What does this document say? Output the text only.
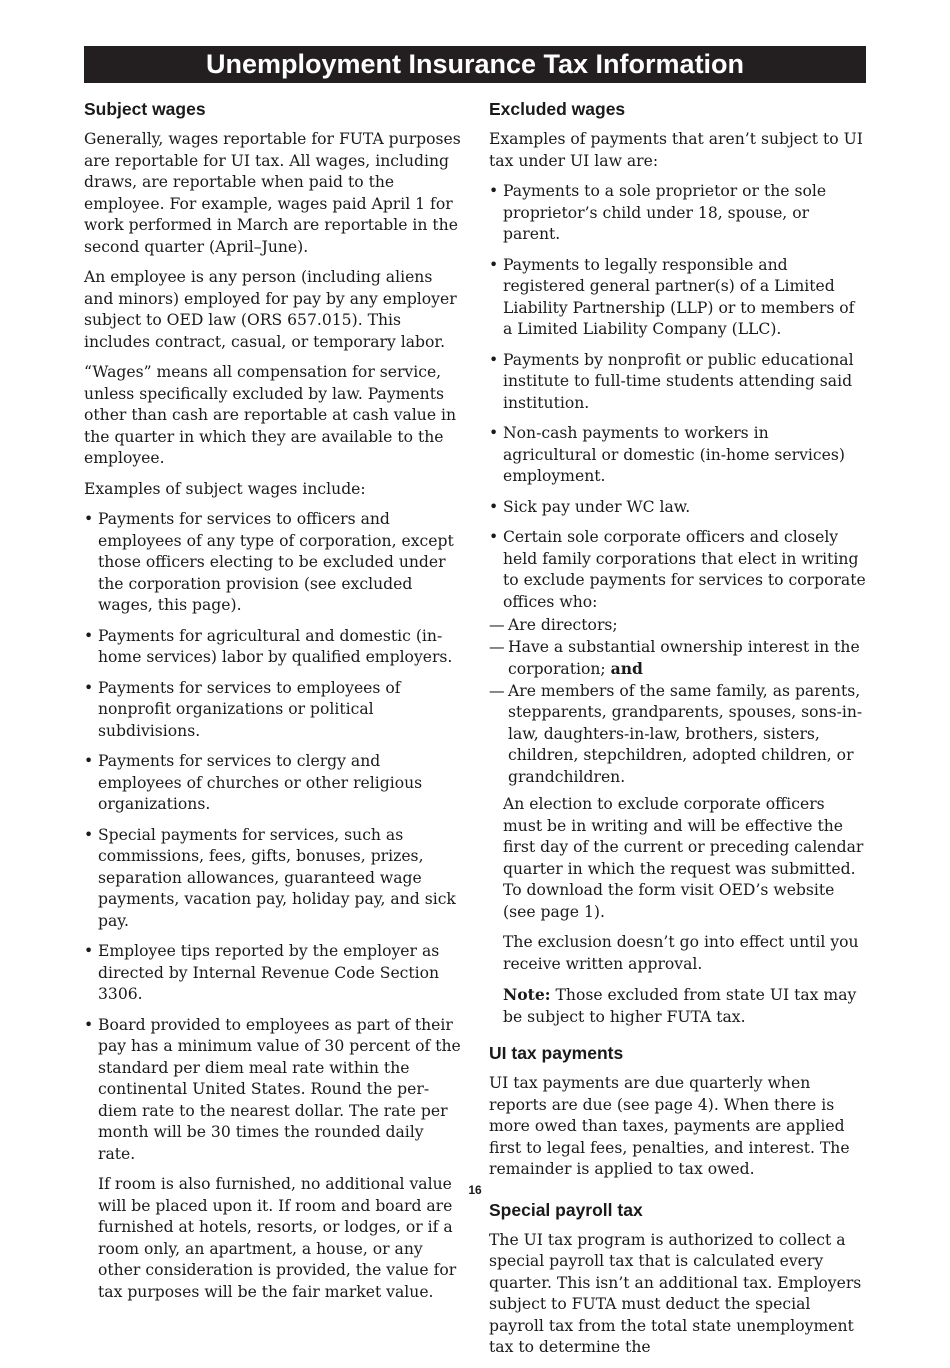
Unemployment Insurance Tax Information
Subject wages

Generally, wages reportable for FUTA purposes are reportable for UI tax. All wages, including draws, are reportable when paid to the employee. For example, wages paid April 1 for work performed in March are reportable in the second quarter (April–June).

An employee is any person (including aliens and minors) employed for pay by any employer subject to OED law (ORS 657.015). This includes contract, casual, or temporary labor.

“Wages” means all compensation for service, unless specifically excluded by law. Payments other than cash are reportable at cash value in the quarter in which they are available to the employee.

Examples of subject wages include:

• Payments for services to officers and employees of any type of corporation, except those officers electing to be excluded under the corporation provision (see excluded wages, this page).
• Payments for agricultural and domestic (in-home services) labor by qualified employers.
• Payments for services to employees of nonprofit organizations or political subdivisions.
• Payments for services to clergy and employees of churches or other religious organizations.
• Special payments for services, such as commissions, fees, gifts, bonuses, prizes, separation allowances, guaranteed wage payments, vacation pay, holiday pay, and sick pay.
• Employee tips reported by the employer as directed by Internal Revenue Code Section 3306.
• Board provided to employees as part of their pay has a minimum value of 30 percent of the standard per diem meal rate within the continental United States. Round the per-diem rate to the nearest dollar. The rate per month will be 30 times the rounded daily rate.

If room is also furnished, no additional value will be placed upon it. If room and board are furnished at hotels, resorts, or lodges, or if a room only, an apartment, a house, or any other consideration is provided, the value for tax purposes will be the fair market value.

Excluded wages

Examples of payments that aren’t subject to UI tax under UI law are:

• Payments to a sole proprietor or the sole proprietor’s child under 18, spouse, or parent.
• Payments to legally responsible and registered general partner(s) of a Limited Liability Partnership (LLP) or to members of a Limited Liability Company (LLC).
• Payments by nonprofit or public educational institute to full-time students attending said institution.
• Non-cash payments to workers in agricultural or domestic (in-home services) employment.
• Sick pay under WC law.
• Certain sole corporate officers and closely held family corporations that elect in writing to exclude payments for services to corporate offices who:
— Are directors;
— Have a substantial ownership interest in the corporation; and
— Are members of the same family, as parents, stepparents, grandparents, spouses, sons-in-law, daughters-in-law, brothers, sisters, children, stepchildren, adopted children, or grandchildren.

An election to exclude corporate officers must be in writing and will be effective the first day of the current or preceding calendar quarter in which the request was submitted. To download the form visit OED’s website (see page 1).

The exclusion doesn’t go into effect until you receive written approval.

Note: Those excluded from state UI tax may be subject to higher FUTA tax.

UI tax payments

UI tax payments are due quarterly when reports are due (see page 4). When there is more owed than taxes, payments are applied first to legal fees, penalties, and interest. The remainder is applied to tax owed.

Special payroll tax

The UI tax program is authorized to collect a special payroll tax that is calculated every quarter. This isn’t an additional tax. Employers subject to FUTA must deduct the special payroll tax from the total state unemployment tax to determine the

16
